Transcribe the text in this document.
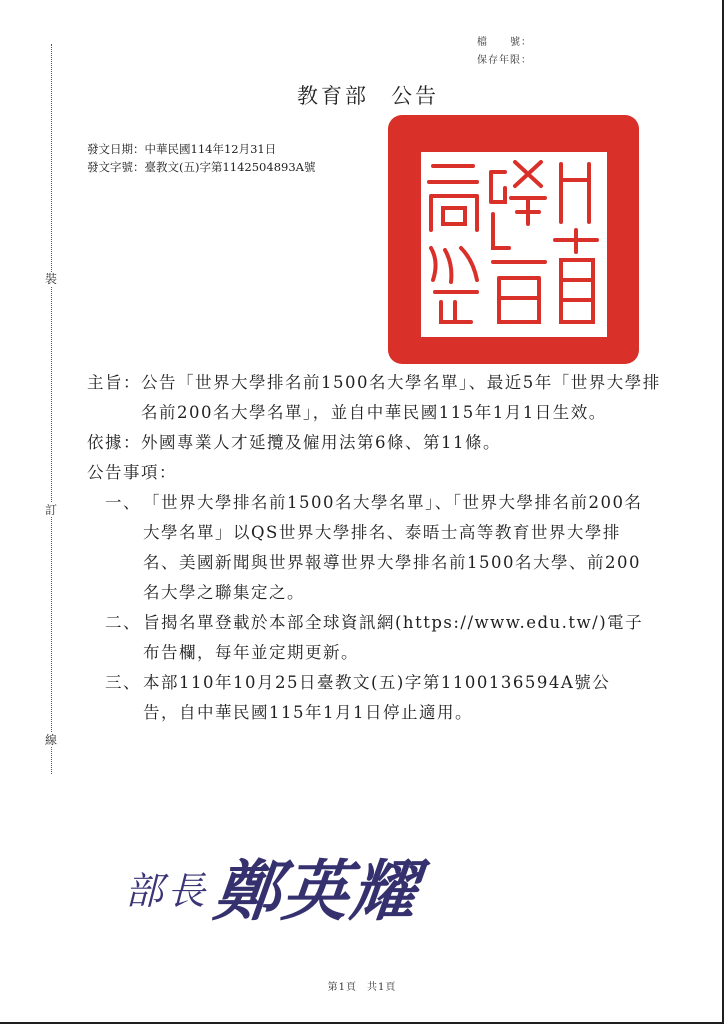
裝
訂
線
檔　　號：
保存年限：
教育部 公告
發文日期：中華民國114年12月31日
發文字號：臺教文(五)字第1142504893A號
主旨： 公告「世界大學排名前1500名大學名單」、最近5年「世界大學排名前200名大學名單」，並自中華民國115年1月1日生效。
依據： 外國專業人才延攬及僱用法第6條、第11條。
公告事項：
一、 「世界大學排名前1500名大學名單」、「世界大學排名前200名大學名單」以QS世界大學排名、泰晤士高等教育世界大學排名、美國新聞與世界報導世界大學排名前1500名大學、前200名大學之聯集定之。
二、 旨揭名單登載於本部全球資訊網(https://www.edu.tw/)電子布告欄，每年並定期更新。
三、 本部110年10月25日臺教文(五)字第1100136594A號公告，自中華民國115年1月1日停止適用。
部長 鄭英耀
第1頁 共1頁
